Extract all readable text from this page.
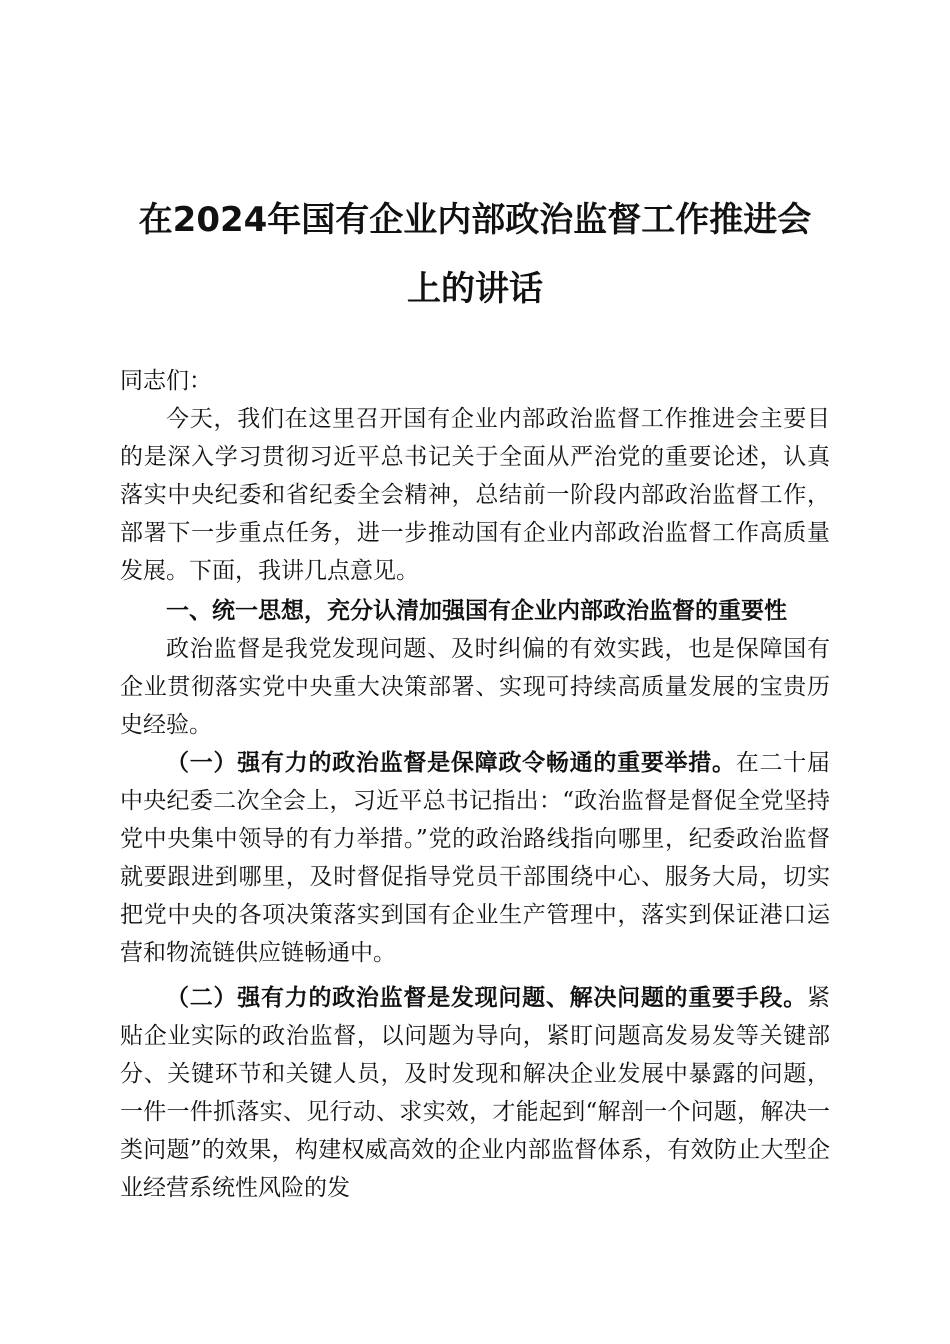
在2024年国有企业内部政治监督工作推进会
上的讲话

同志们：

今天，我们在这里召开国有企业内部政治监督工作推进会主要目的是深入学习贯彻习近平总书记关于全面从严治党的重要论述，认真落实中央纪委和省纪委全会精神，总结前一阶段内部政治监督工作，部署下一步重点任务，进一步推动国有企业内部政治监督工作高质量发展。下面，我讲几点意见。

一、统一思想，充分认清加强国有企业内部政治监督的重要性

政治监督是我党发现问题、及时纠偏的有效实践，也是保障国有企业贯彻落实党中央重大决策部署、实现可持续高质量发展的宝贵历史经验。

（一）强有力的政治监督是保障政令畅通的重要举措。在二十届中央纪委二次全会上，习近平总书记指出：“政治监督是督促全党坚持党中央集中领导的有力举措。”党的政治路线指向哪里，纪委政治监督就要跟进到哪里，及时督促指导党员干部围绕中心、服务大局，切实把党中央的各项决策落实到国有企业生产管理中，落实到保证港口运营和物流链供应链畅通中。

（二）强有力的政治监督是发现问题、解决问题的重要手段。紧贴企业实际的政治监督，以问题为导向，紧盯问题高发易发等关键部分、关键环节和关键人员，及时发现和解决企业发展中暴露的问题，一件一件抓落实、见行动、求实效，才能起到“解剖一个问题，解决一类问题”的效果，构建权威高效的企业内部监督体系，有效防止大型企业经营系统性风险的发
